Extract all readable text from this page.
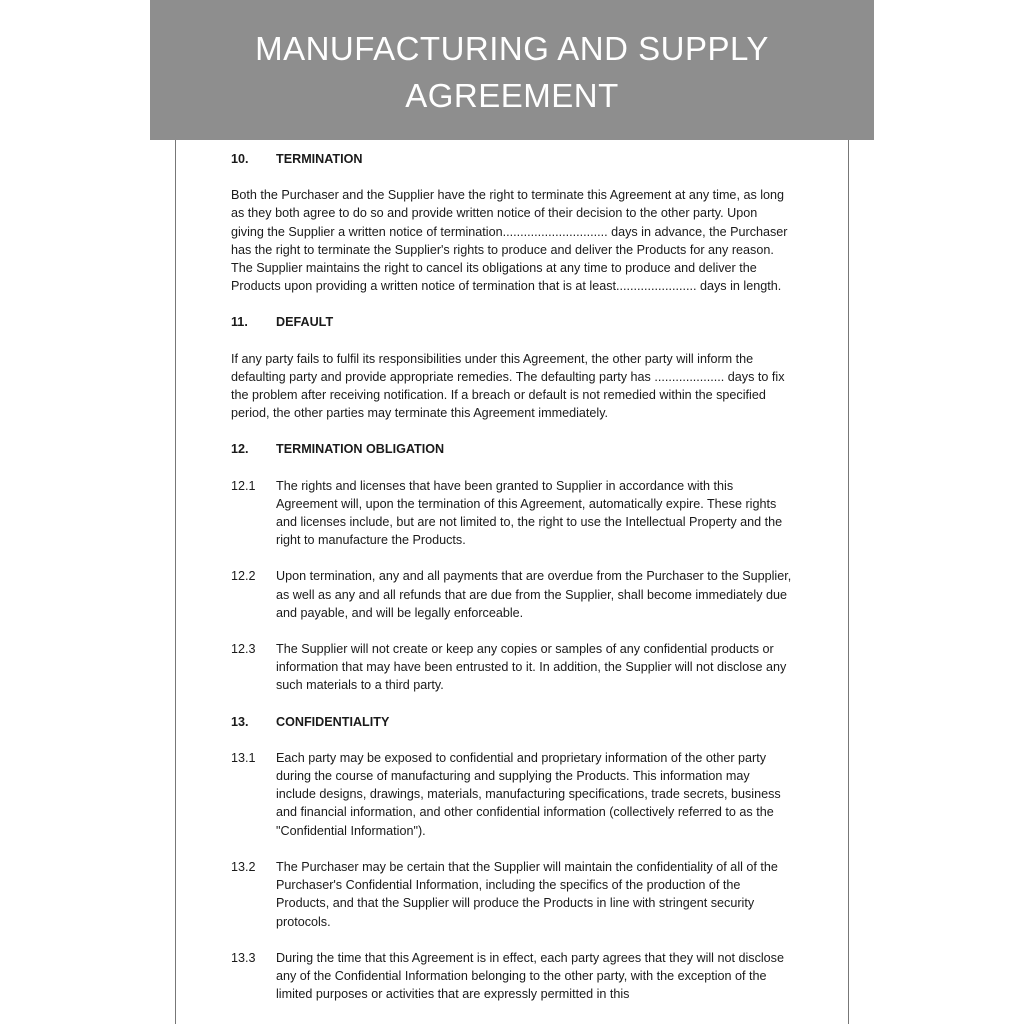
MANUFACTURING AND SUPPLY AGREEMENT
10.	TERMINATION

Both the Purchaser and the Supplier have the right to terminate this Agreement at any time, as long as they both agree to do so and provide written notice of their decision to the other party. Upon giving the Supplier a written notice of termination.............................. days in advance, the Purchaser has the right to terminate the Supplier's rights to produce and deliver the Products for any reason. The Supplier maintains the right to cancel its obligations at any time to produce and deliver the Products upon providing a written notice of termination that is at least....................... days in length.

11.	DEFAULT

If any party fails to fulfil its responsibilities under this Agreement, the other party will inform the defaulting party and provide appropriate remedies. The defaulting party has .................... days to fix the problem after receiving notification. If a breach or default is not remedied within the specified period, the other parties may terminate this Agreement immediately.

12.	TERMINATION OBLIGATION
12.1	The rights and licenses that have been granted to Supplier in accordance with this Agreement will, upon the termination of this Agreement, automatically expire. These rights and licenses include, but are not limited to, the right to use the Intellectual Property and the right to manufacture the Products.
12.2	Upon termination, any and all payments that are overdue from the Purchaser to the Supplier, as well as any and all refunds that are due from the Supplier, shall become immediately due and payable, and will be legally enforceable.
12.3	The Supplier will not create or keep any copies or samples of any confidential products or information that may have been entrusted to it. In addition, the Supplier will not disclose any such materials to a third party.
13.	CONFIDENTIALITY
13.1	Each party may be exposed to confidential and proprietary information of the other party during the course of manufacturing and supplying the Products. This information may include designs, drawings, materials, manufacturing specifications, trade secrets, business and financial information, and other confidential information (collectively referred to as the "Confidential Information").
13.2	The Purchaser may be certain that the Supplier will maintain the confidentiality of all of the Purchaser's Confidential Information, including the specifics of the production of the Products, and that the Supplier will produce the Products in line with stringent security protocols.
13.3	During the time that this Agreement is in effect, each party agrees that they will not disclose any of the Confidential Information belonging to the other party, with the exception of the limited purposes or activities that are expressly permitted in this
